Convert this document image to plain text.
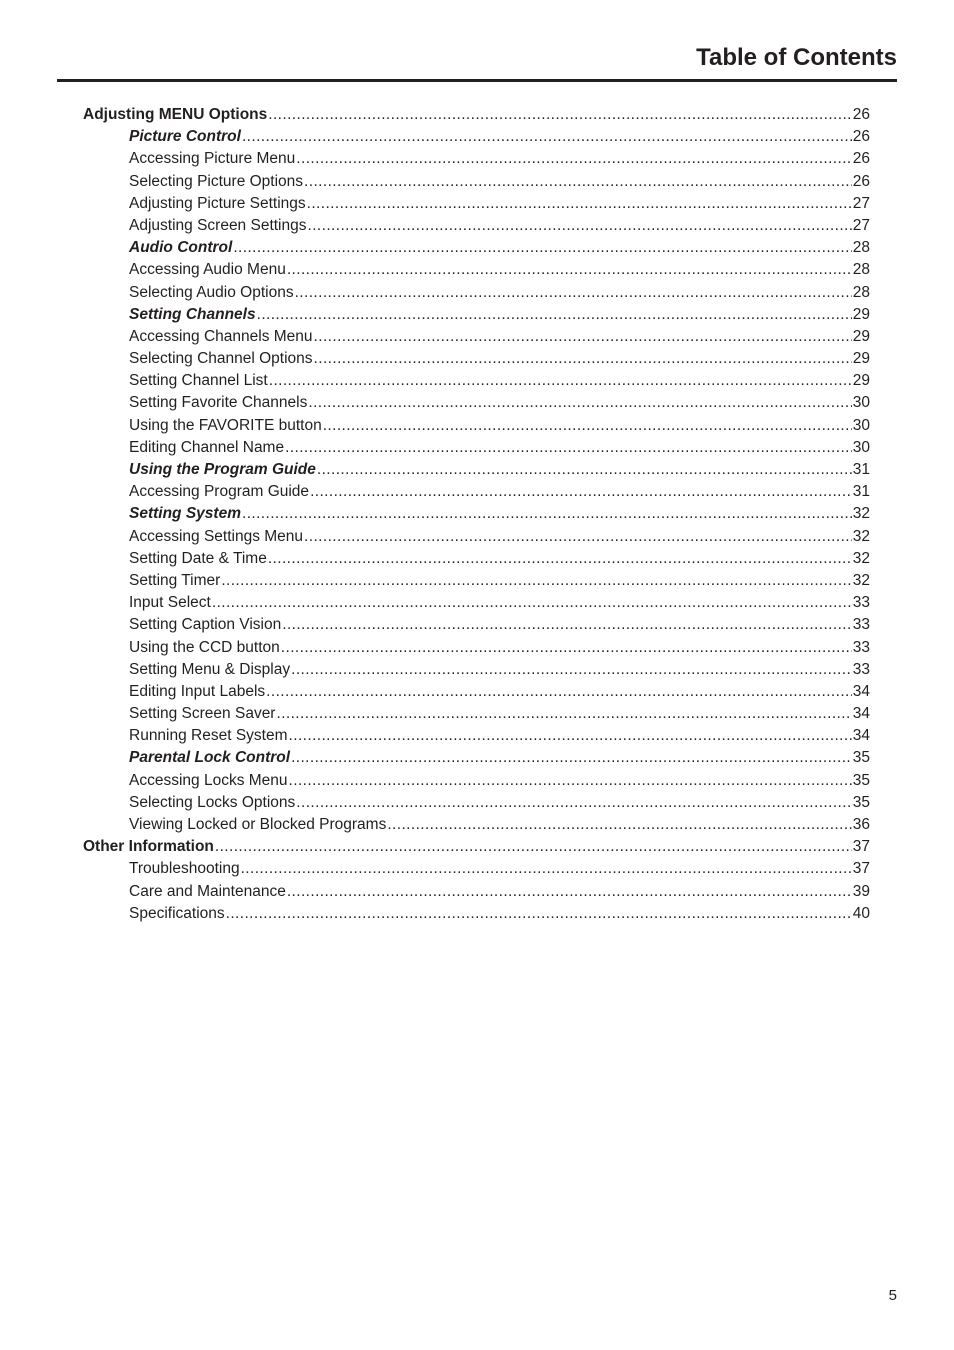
Table of Contents
Adjusting MENU Options .....	26
Picture Control .....	26
Accessing Picture Menu .....	26
Selecting Picture Options .....	26
Adjusting Picture Settings .....	27
Adjusting Screen Settings .....	27
Audio Control .....	28
Accessing Audio Menu .....	28
Selecting Audio Options .....	28
Setting Channels .....	29
Accessing Channels Menu .....	29
Selecting Channel Options .....	29
Setting Channel List .....	29
Setting Favorite Channels .....	30
Using the FAVORITE button .....	30
Editing Channel Name .....	30
Using the Program Guide .....	31
Accessing Program Guide .....	31
Setting System .....	32
Accessing Settings Menu .....	32
Setting Date & Time .....	32
Setting Timer .....	32
Input Select .....	33
Setting Caption Vision .....	33
Using the CCD button .....	33
Setting Menu & Display .....	33
Editing Input Labels .....	34
Setting Screen Saver .....	34
Running Reset System .....	34
Parental Lock Control .....	35
Accessing Locks Menu .....	35
Selecting Locks Options .....	35
Viewing Locked or Blocked Programs .....	36
Other Information .....	37
Troubleshooting .....	37
Care and Maintenance .....	39
Specifications .....	40
5
